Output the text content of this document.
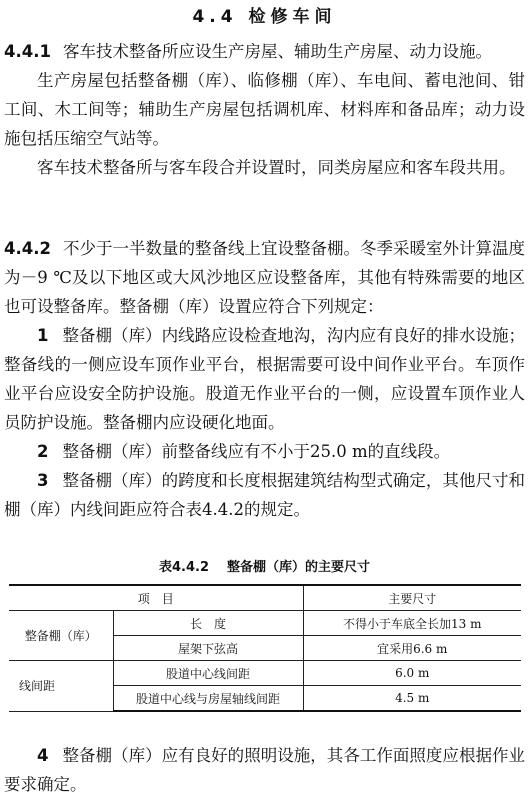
4.4 检修车间

4.4.1 客车技术整备所应设生产房屋、辅助生产房屋、动力设施。

生产房屋包括整备棚（库）、临修棚（库）、车电间、蓄电池间、钳工间、木工间等；辅助生产房屋包括调机库、材料库和备品库；动力设施包括压缩空气站等。

客车技术整备所与客车段合并设置时，同类房屋应和客车段共用。

4.4.2 不少于一半数量的整备线上宜设整备棚。冬季采暖室外计算温度为－9 ℃及以下地区或大风沙地区应设整备库，其他有特殊需要的地区也可设整备库。整备棚（库）设置应符合下列规定：

1 整备棚（库）内线路应设检查地沟，沟内应有良好的排水设施；整备线的一侧应设车顶作业平台，根据需要可设中间作业平台。车顶作业平台应设安全防护设施。股道无作业平台的一侧，应设置车顶作业人员防护设施。整备棚内应设硬化地面。

2 整备棚（库）前整备线应有不小于25.0 m的直线段。

3 整备棚（库）的跨度和长度根据建筑结构型式确定，其他尺寸和棚（库）内线间距应符合表4.4.2的规定。

表4.4.2 整备棚（库）的主要尺寸
项　目		主要尺寸
整备棚（库）	长　度	不得小于车底全长加13 m
	屋架下弦高	宜采用6.6 m
线间距	股道中心线间距	6.0 m
	股道中心线与房屋轴线间距	4.5 m

4 整备棚（库）应有良好的照明设施，其各工作面照度应根据作业要求确定。
